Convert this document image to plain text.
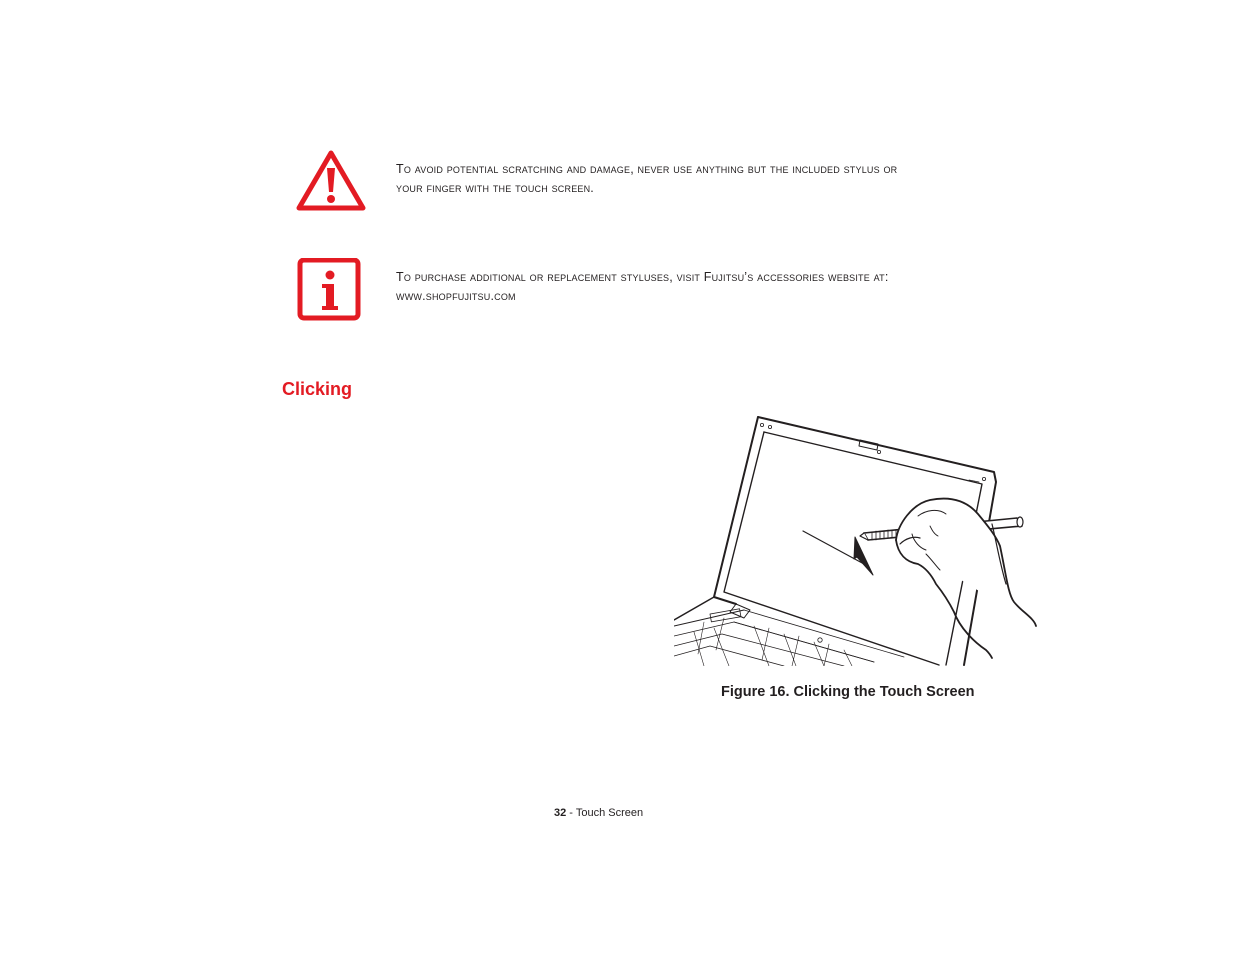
To avoid potential scratching and damage, never use anything but the included stylus or
your finger with the touch screen.
To purchase additional or replacement styluses, visit Fujitsu’s accessories website at:
www.shopfujitsu.com
Clicking
Figure 16. Clicking the Touch Screen
32 - Touch Screen
